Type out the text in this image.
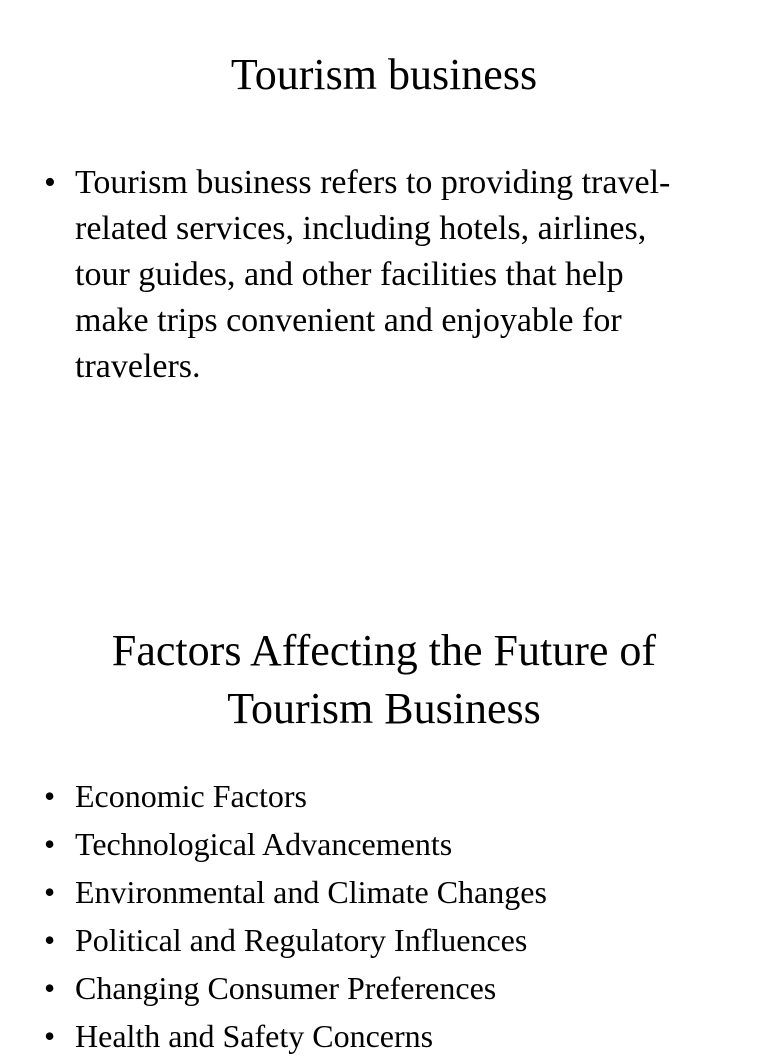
Tourism business
• Tourism business refers to providing travel-related services, including hotels, airlines, tour guides, and other facilities that help make trips convenient and enjoyable for travelers.
Factors Affecting the Future of Tourism Business
• Economic Factors
• Technological Advancements
• Environmental and Climate Changes
• Political and Regulatory Influences
• Changing Consumer Preferences
• Health and Safety Concerns
